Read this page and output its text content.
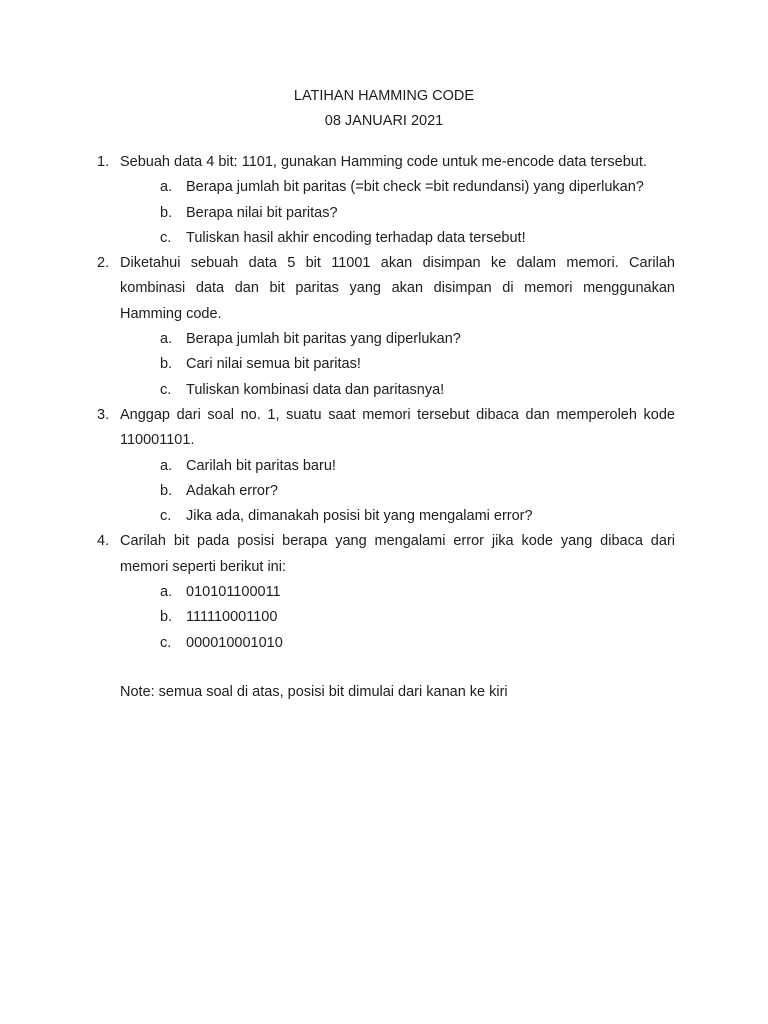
LATIHAN HAMMING CODE
08 JANUARI 2021
1. Sebuah data 4 bit: 1101, gunakan Hamming code untuk me-encode data tersebut.
a. Berapa jumlah bit paritas (=bit check =bit redundansi) yang diperlukan?
b. Berapa nilai bit paritas?
c. Tuliskan hasil akhir encoding terhadap data tersebut!
2. Diketahui sebuah data 5 bit 11001 akan disimpan ke dalam memori. Carilah kombinasi data dan bit paritas yang akan disimpan di memori menggunakan Hamming code.
a. Berapa jumlah bit paritas yang diperlukan?
b. Cari nilai semua bit paritas!
c. Tuliskan kombinasi data dan paritasnya!
3. Anggap dari soal no. 1, suatu saat memori tersebut dibaca dan memperoleh kode 110001101.
a. Carilah bit paritas baru!
b. Adakah error?
c. Jika ada, dimanakah posisi bit yang mengalami error?
4. Carilah bit pada posisi berapa yang mengalami error jika kode yang dibaca dari memori seperti berikut ini:
a. 010101100011
b. 111110001100
c. 000010001010
Note: semua soal di atas, posisi bit dimulai dari kanan ke kiri
